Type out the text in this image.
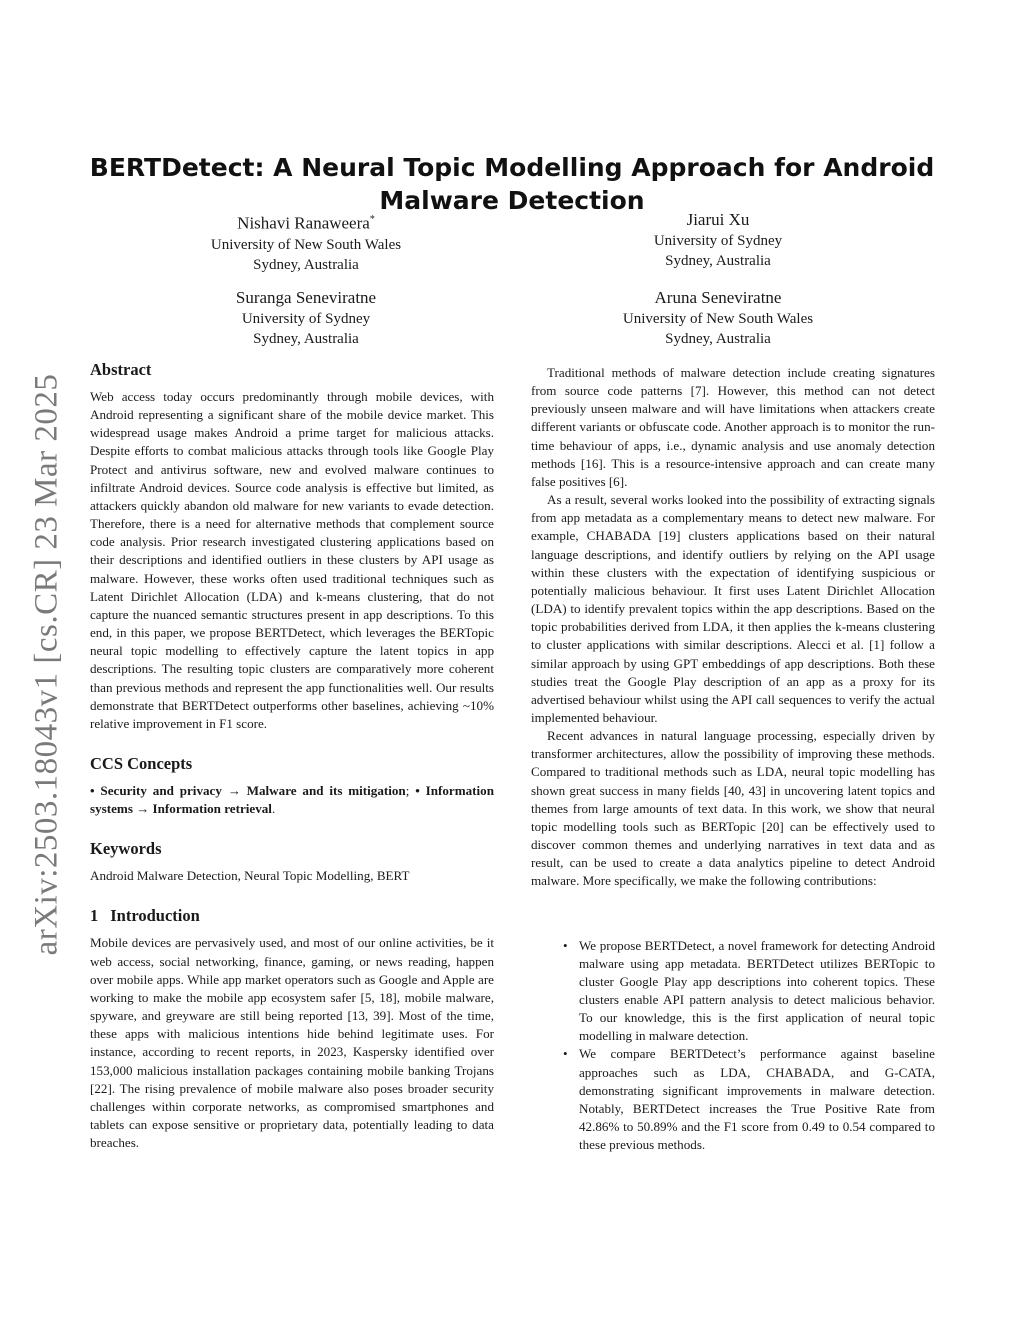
arXiv:2503.18043v1 [cs.CR] 23 Mar 2025
BERTDetect: A Neural Topic Modelling Approach for Android Malware Detection
Nishavi Ranaweera*
University of New South Wales
Sydney, Australia
Jiarui Xu
University of Sydney
Sydney, Australia
Suranga Seneviratne
University of Sydney
Sydney, Australia
Aruna Seneviratne
University of New South Wales
Sydney, Australia
Abstract

Web access today occurs predominantly through mobile devices, with Android representing a significant share of the mobile device market. This widespread usage makes Android a prime target for malicious attacks. Despite efforts to combat malicious attacks through tools like Google Play Protect and antivirus software, new and evolved malware continues to infiltrate Android devices. Source code analysis is effective but limited, as attackers quickly abandon old malware for new variants to evade detection. Therefore, there is a need for alternative methods that complement source code analysis. Prior research investigated clustering applications based on their descriptions and identified outliers in these clusters by API usage as malware. However, these works often used traditional techniques such as Latent Dirichlet Allocation (LDA) and k-means clustering, that do not capture the nuanced semantic structures present in app descriptions. To this end, in this paper, we propose BERTDetect, which leverages the BERTopic neural topic modelling to effectively capture the latent topics in app descriptions. The resulting topic clusters are comparatively more coherent than previous methods and represent the app functionalities well. Our results demonstrate that BERTDetect outperforms other baselines, achieving ~10% relative improvement in F1 score.

CCS Concepts

• Security and privacy → Malware and its mitigation; • Information systems → Information retrieval.

Keywords

Android Malware Detection, Neural Topic Modelling, BERT

1 Introduction

Mobile devices are pervasively used, and most of our online activities, be it web access, social networking, finance, gaming, or news reading, happen over mobile apps. While app market operators such as Google and Apple are working to make the mobile app ecosystem safer [5, 18], mobile malware, spyware, and greyware are still being reported [13, 39]. Most of the time, these apps with malicious intentions hide behind legitimate uses. For instance, according to recent reports, in 2023, Kaspersky identified over 153,000 malicious installation packages containing mobile banking Trojans [22]. The rising prevalence of mobile malware also poses broader security challenges within corporate networks, as compromised smartphones and tablets can expose sensitive or proprietary data, potentially leading to data breaches.

Traditional methods of malware detection include creating signatures from source code patterns [7]. However, this method can not detect previously unseen malware and will have limitations when attackers create different variants or obfuscate code. Another approach is to monitor the run-time behaviour of apps, i.e., dynamic analysis and use anomaly detection methods [16]. This is a resource-intensive approach and can create many false positives [6].

As a result, several works looked into the possibility of extracting signals from app metadata as a complementary means to detect new malware. For example, CHABADA [19] clusters applications based on their natural language descriptions, and identify outliers by relying on the API usage within these clusters with the expectation of identifying suspicious or potentially malicious behaviour. It first uses Latent Dirichlet Allocation (LDA) to identify prevalent topics within the app descriptions. Based on the topic probabilities derived from LDA, it then applies the k-means clustering to cluster applications with similar descriptions. Alecci et al. [1] follow a similar approach by using GPT embeddings of app descriptions. Both these studies treat the Google Play description of an app as a proxy for its advertised behaviour whilst using the API call sequences to verify the actual implemented behaviour.

Recent advances in natural language processing, especially driven by transformer architectures, allow the possibility of improving these methods. Compared to traditional methods such as LDA, neural topic modelling has shown great success in many fields [40, 43] in uncovering latent topics and themes from large amounts of text data. In this work, we show that neural topic modelling tools such as BERTopic [20] can be effectively used to discover common themes and underlying narratives in text data and as result, can be used to create a data analytics pipeline to detect Android malware. More specifically, we make the following contributions:

• We propose BERTDetect, a novel framework for detecting Android malware using app metadata. BERTDetect utilizes BERTopic to cluster Google Play app descriptions into coherent topics. These clusters enable API pattern analysis to detect malicious behavior. To our knowledge, this is the first application of neural topic modelling in malware detection.
• We compare BERTDetect’s performance against baseline approaches such as LDA, CHABADA, and G-CATA, demonstrating significant improvements in malware detection. Notably, BERTDetect increases the True Positive Rate from 42.86% to 50.89% and the F1 score from 0.49 to 0.54 compared to these previous methods.
